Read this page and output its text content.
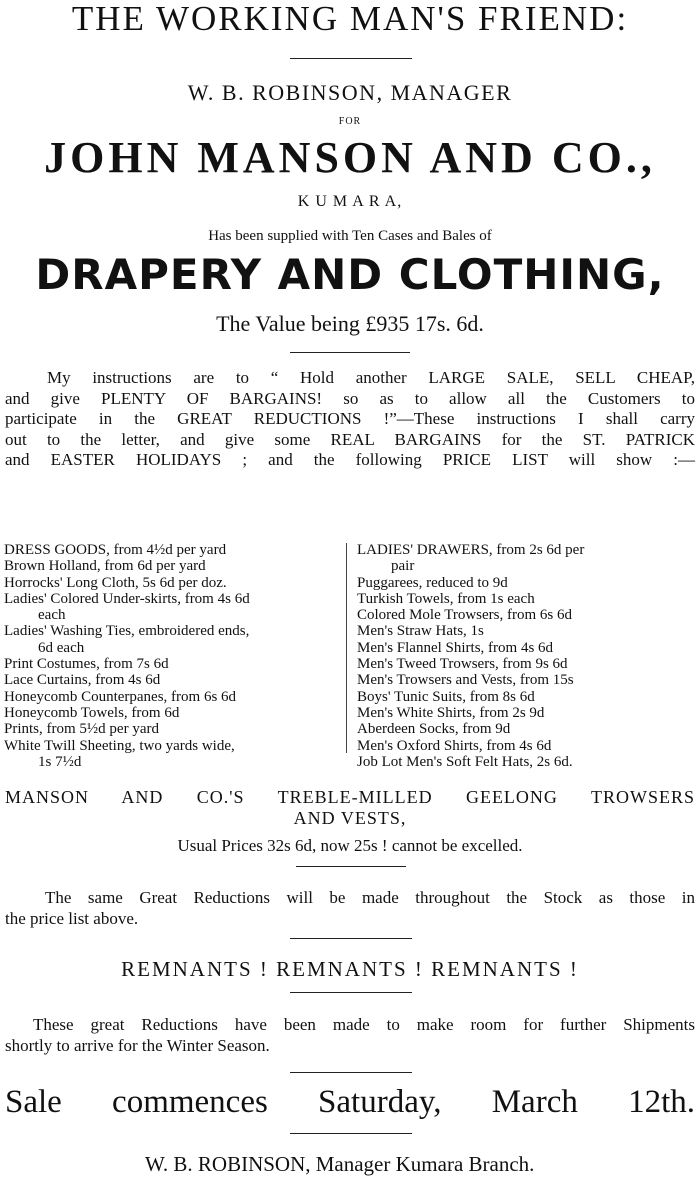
THE WORKING MAN'S FRIEND:
W. B. ROBINSON, MANAGER
FOR
JOHN MANSON AND CO.,
K U M A R A,
Has been supplied with Ten Cases and Bales of
DRAPERY AND CLOTHING,
The Value being £935 17s. 6d.
My instructions are to “ Hold another LARGE SALE, SELL CHEAP,
and give PLENTY OF BARGAINS! so as to allow all the Customers to
participate in the GREAT REDUCTIONS !”—These instructions I shall carry
out to the letter, and give some REAL BARGAINS for the ST. PATRICK
and EASTER HOLIDAYS ; and the following PRICE LIST will show :—
DRESS GOODS, from 4½d per yard
Brown Holland, from 6d per yard
Horrocks' Long Cloth, 5s 6d per doz.
Ladies' Colored Under-skirts, from 4s 6d
each
Ladies' Washing Ties, embroidered ends,
6d each
Print Costumes, from 7s 6d
Lace Curtains, from 4s 6d
Honeycomb Counterpanes, from 6s 6d
Honeycomb Towels, from 6d
Prints, from 5½d per yard
White Twill Sheeting, two yards wide,
1s 7½d
LADIES' DRAWERS, from 2s 6d per
pair
Puggarees, reduced to 9d
Turkish Towels, from 1s each
Colored Mole Trowsers, from 6s 6d
Men's Straw Hats, 1s
Men's Flannel Shirts, from 4s 6d
Men's Tweed Trowsers, from 9s 6d
Men's Trowsers and Vests, from 15s
Boys' Tunic Suits, from 8s 6d
Men's White Shirts, from 2s 9d
Aberdeen Socks, from 9d
Men's Oxford Shirts, from 4s 6d
Job Lot Men's Soft Felt Hats, 2s 6d.
MANSON AND CO.'S TREBLE-MILLED GEELONG TROWSERS
AND VESTS,
Usual Prices 32s 6d, now 25s ! cannot be excelled.
The same Great Reductions will be made throughout the Stock as those in
the price list above.
REMNANTS ! REMNANTS ! REMNANTS !
These great Reductions have been made to make room for further Shipments
shortly to arrive for the Winter Season.
Sale commences Saturday, March 12th.
W. B. ROBINSON, Manager Kumara Branch.
